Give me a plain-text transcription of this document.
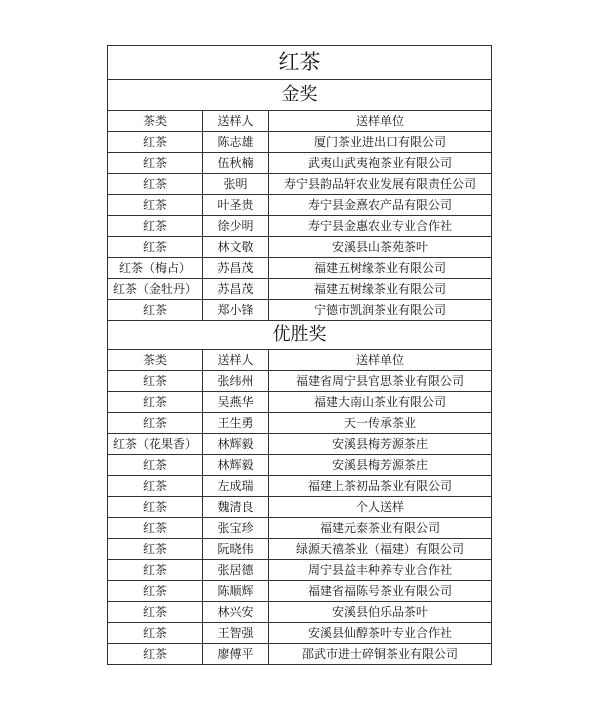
红茶		
金奖		
茶类	送样人	送样单位
红茶	陈志雄	厦门茶业进出口有限公司
红茶	伍秋楠	武夷山武夷袍茶业有限公司
红茶	张明	寿宁县韵品轩农业发展有限责任公司
红茶	叶圣贵	寿宁县金熹农产品有限公司
红茶	徐少明	寿宁县金惠农业专业合作社
红茶	林文敬	安溪县山茶苑茶叶
红茶（梅占）	苏昌茂	福建五树缘茶业有限公司
红茶（金牡丹）	苏昌茂	福建五树缘茶业有限公司
红茶	郑小锋	宁德市凯润茶业有限公司
优胜奖		
茶类	送样人	送样单位
红茶	张纬州	福建省周宁县官思茶业有限公司
红茶	吴燕华	福建大南山茶业有限公司
红茶	王生勇	天一传承茶业
红茶（花果香）	林辉毅	安溪县梅芳源茶庄
红茶	林辉毅	安溪县梅芳源茶庄
红茶	左成瑞	福建上茶初品茶业有限公司
红茶	魏清良	个人送样
红茶	张宝珍	福建元泰茶业有限公司
红茶	阮晓伟	绿源天禧茶业（福建）有限公司
红茶	张居德	周宁县益丰种养专业合作社
红茶	陈顺辉	福建省福陈号茶业有限公司
红茶	林兴安	安溪县伯乐品茶叶
红茶	王智强	安溪县仙醇茶叶专业合作社
红茶	廖傅平	邵武市进士碎铜茶业有限公司
